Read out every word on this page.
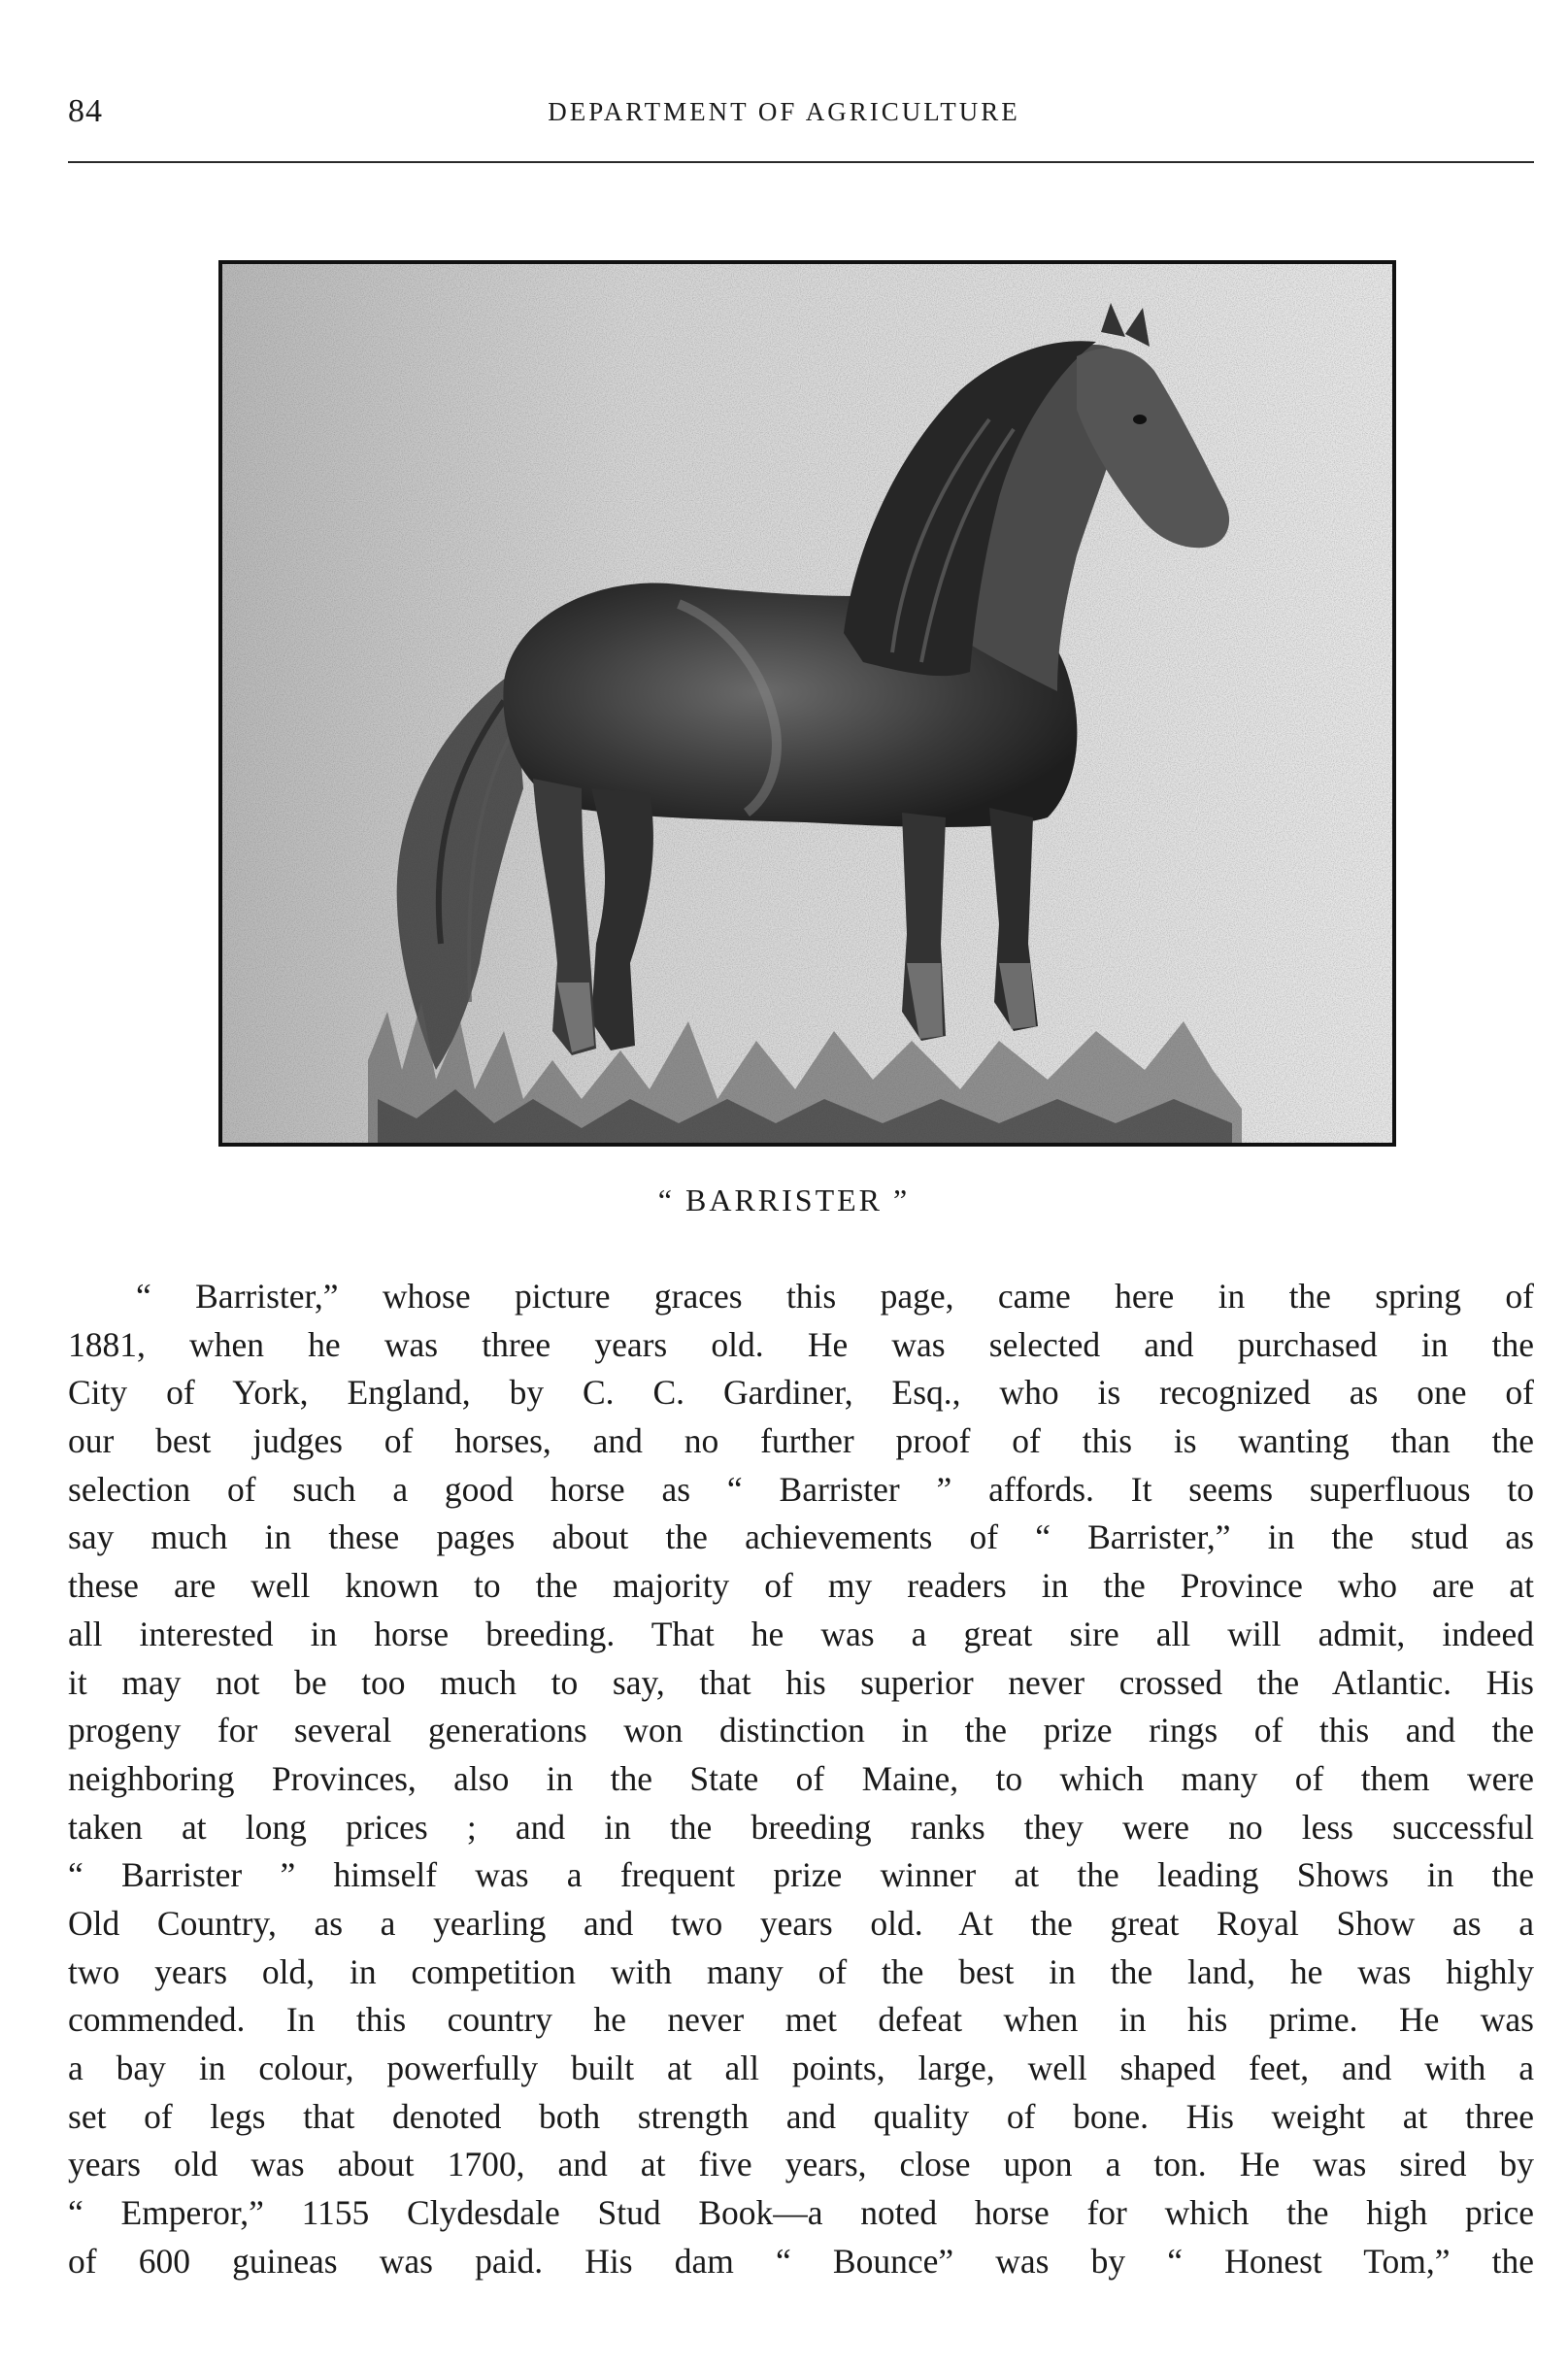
84	DEPARTMENT OF AGRICULTURE
“ BARRISTER ”
“ Barrister,” whose picture graces this page, came here in the spring of
1881, when he was three years old. He was selected and purchased in the
City of York, England, by C. C. Gardiner, Esq., who is recognized as one of
our best judges of horses, and no further proof of this is wanting than the
selection of such a good horse as “ Barrister ” affords. It seems superfluous to
say much in these pages about the achievements of “ Barrister,” in the stud as
these are well known to the majority of my readers in the Province who are at
all interested in horse breeding. That he was a great sire all will admit, indeed
it may not be too much to say, that his superior never crossed the Atlantic. His
progeny for several generations won distinction in the prize rings of this and the
neighboring Provinces, also in the State of Maine, to which many of them were
taken at long prices ; and in the breeding ranks they were no less successful
“ Barrister ” himself was a frequent prize winner at the leading Shows in the
Old Country, as a yearling and two years old. At the great Royal Show as a
two years old, in competition with many of the best in the land, he was highly
commended. In this country he never met defeat when in his prime. He was
a bay in colour, powerfully built at all points, large, well shaped feet, and with a
set of legs that denoted both strength and quality of bone. His weight at three
years old was about 1700, and at five years, close upon a ton. He was sired by
“ Emperor,” 1155 Clydesdale Stud Book—a noted horse for which the high price
of 600 guineas was paid. His dam “ Bounce” was by “ Honest Tom,” the
